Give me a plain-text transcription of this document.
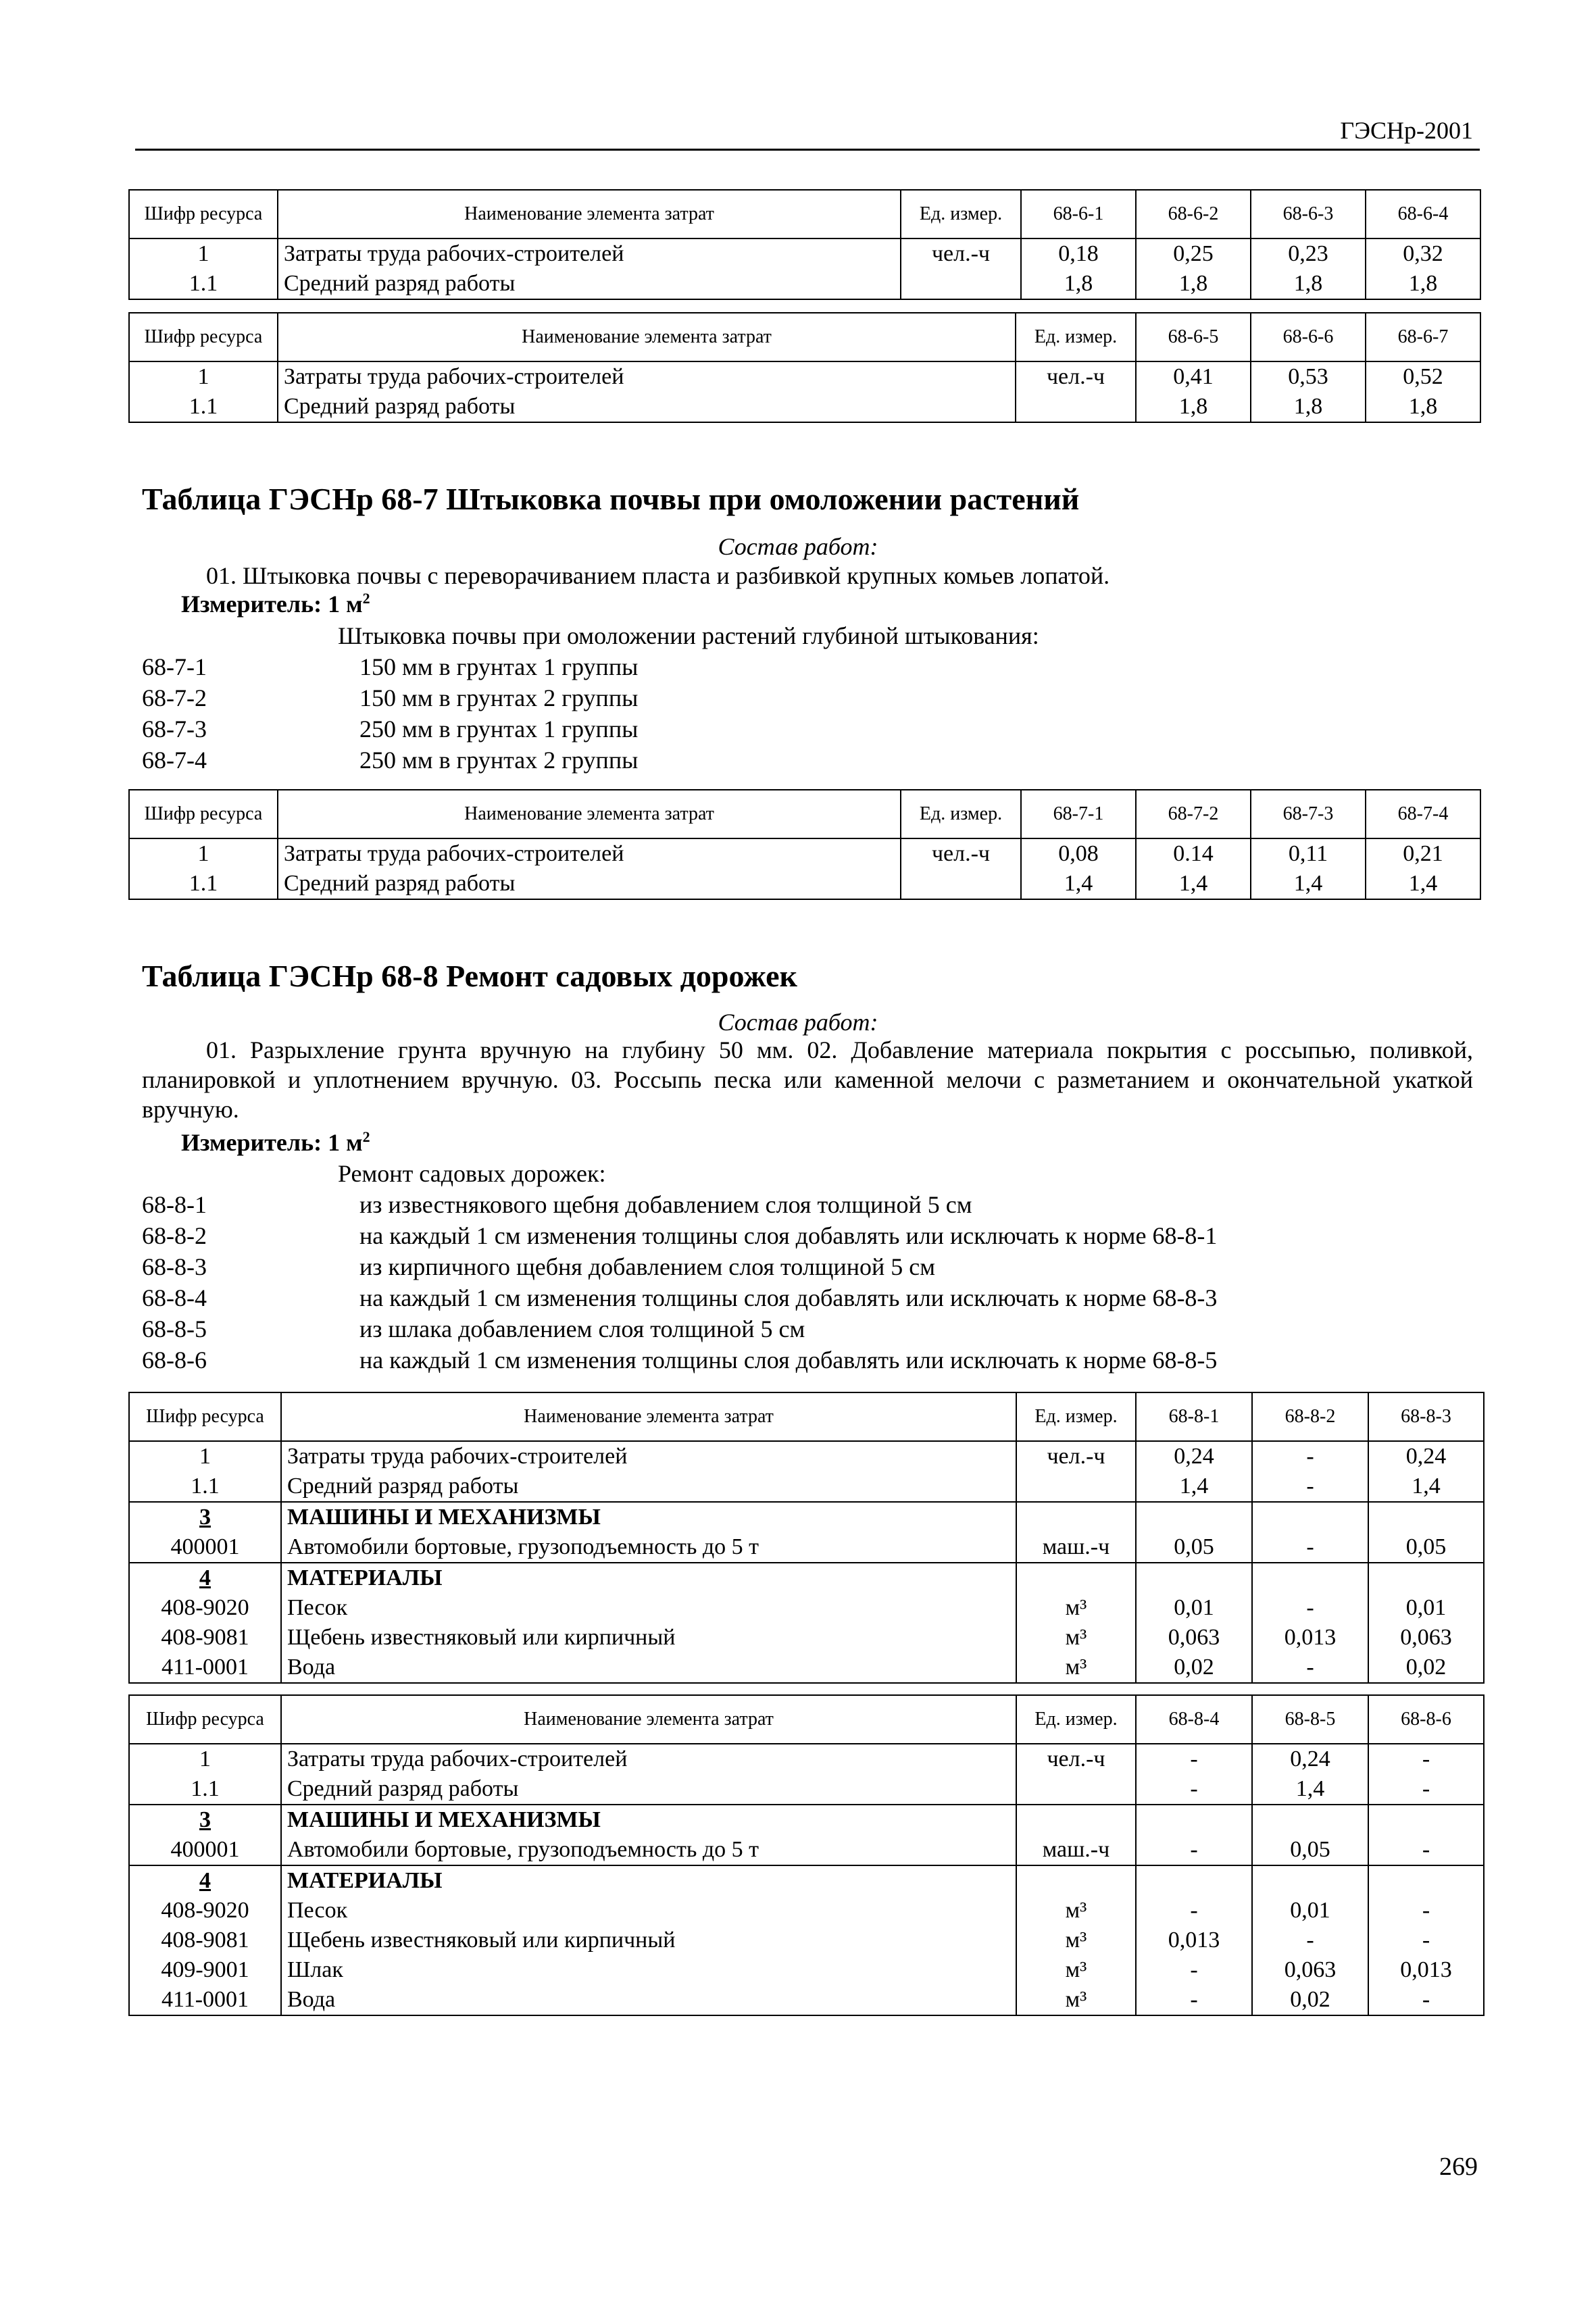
ГЭСНр-2001
Шифр ресурса	Наименование элемента затрат	Ед. измер.	68-6-1	68-6-2	68-6-3	68-6-4
1	Затраты труда рабочих-строителей	чел.-ч	0,18	0,25	0,23	0,32
1.1	Средний разряд работы		1,8	1,8	1,8	1,8
Шифр ресурса	Наименование элемента затрат	Ед. измер.	68-6-5	68-6-6	68-6-7
1	Затраты труда рабочих-строителей	чел.-ч	0,41	0,53	0,52
1.1	Средний разряд работы		1,8	1,8	1,8
Таблица ГЭСНр 68-7 Штыковка почвы при омоложении растений
Состав работ:
01. Штыковка почвы с переворачиванием пласта и разбивкой крупных комьев лопатой.
Измеритель: 1 $м^2$
Штыковка почвы при омоложении растений глубиной штыкования:
68-7-1	150 мм в грунтах 1 группы
68-7-2	150 мм в грунтах 2 группы
68-7-3	250 мм в грунтах 1 группы
68-7-4	250 мм в грунтах 2 группы
Шифр ресурса	Наименование элемента затрат	Ед. измер.	68-7-1	68-7-2	68-7-3	68-7-4
1	Затраты труда рабочих-строителей	чел.-ч	0,08	0.14	0,11	0,21
1.1	Средний разряд работы		1,4	1,4	1,4	1,4
Таблица ГЭСНр 68-8 Ремонт садовых дорожек
Состав работ:
01. Разрыхление грунта вручную на глубину 50 мм. 02. Добавление материала покрытия с россыпью, поливкой, планировкой и уплотнением вручную. 03. Россыпь песка или каменной мелочи с разметанием и окончательной укаткой вручную.
Измеритель: 1 $м^2$
Ремонт садовых дорожек:
68-8-1	из известнякового щебня добавлением слоя толщиной 5 см
68-8-2	на каждый 1 см изменения толщины слоя добавлять или исключать к норме 68-8-1
68-8-3	из кирпичного щебня добавлением слоя толщиной 5 см
68-8-4	на каждый 1 см изменения толщины слоя добавлять или исключать к норме 68-8-3
68-8-5	из шлака добавлением слоя толщиной 5 см
68-8-6	на каждый 1 см изменения толщины слоя добавлять или исключать к норме 68-8-5
Шифр ресурса	Наименование элемента затрат	Ед. измер.	68-8-1	68-8-2	68-8-3
1	Затраты труда рабочих-строителей	чел.-ч	0,24	-	0,24
1.1	Средний разряд работы		1,4	-	1,4
3	МАШИНЫ И МЕХАНИЗМЫ				
400001	Автомобили бортовые, грузоподъемность до 5 т	маш.-ч	0,05	-	0,05
4	МАТЕРИАЛЫ				
408-9020	Песок	м³	0,01	-	0,01
408-9081	Щебень известняковый или кирпичный	м³	0,063	0,013	0,063
411-0001	Вода	м³	0,02	-	0,02
Шифр ресурса	Наименование элемента затрат	Ед. измер.	68-8-4	68-8-5	68-8-6
1	Затраты труда рабочих-строителей	чел.-ч	-	0,24	-
1.1	Средний разряд работы		-	1,4	-
3	МАШИНЫ И МЕХАНИЗМЫ				
400001	Автомобили бортовые, грузоподъемность до 5 т	маш.-ч	-	0,05	-
4	МАТЕРИАЛЫ				
408-9020	Песок	м³	-	0,01	-
408-9081	Щебень известняковый или кирпичный	м³	0,013	-	-
409-9001	Шлак	м³	-	0,063	0,013
411-0001	Вода	м³	-	0,02	-
269
